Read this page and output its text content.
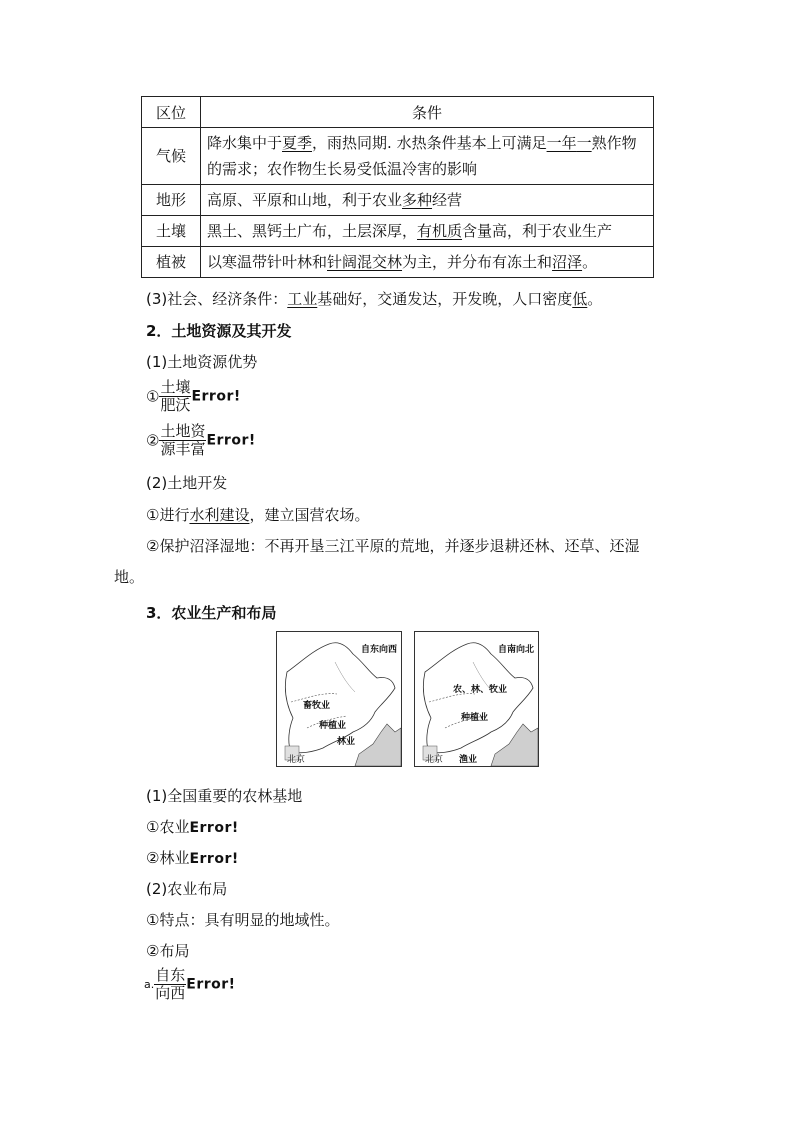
区位	条件
气候	降水集中于夏季，雨热同期. 水热条件基本上可满足一年一熟作物的需求；农作物生长易受低温冷害的影响
地形	高原、平原和山地，利于农业多种经营
土壤	黑土、黑钙土广布，土层深厚，有机质含量高，利于农业生产
植被	以寒温带针叶林和针阔混交林为主，并分布有冻土和沼泽。
(3)社会、经济条件：工业基础好，交通发达，开发晚，人口密度低。
2．土地资源及其开发
(1)土地资源优势
①
土壤
肥沃 Error!
②
土地资
源丰富 Error!
(2)土地开发
①进行水利建设，建立国营农场。
②保护沼泽湿地：不再开垦三江平原的荒地，并逐步退耕还林、还草、还湿
地。
3．农业生产和布局
自东向西
畜牧业
种植业
林业
北京
自南向北
农、林、牧业
种植业
渔业
北京
(1)全国重要的农林基地
①农业Error!
②林业Error!
(2)农业布局
①特点：具有明显的地域性。
②布局
a.
自东
向西 Error!
